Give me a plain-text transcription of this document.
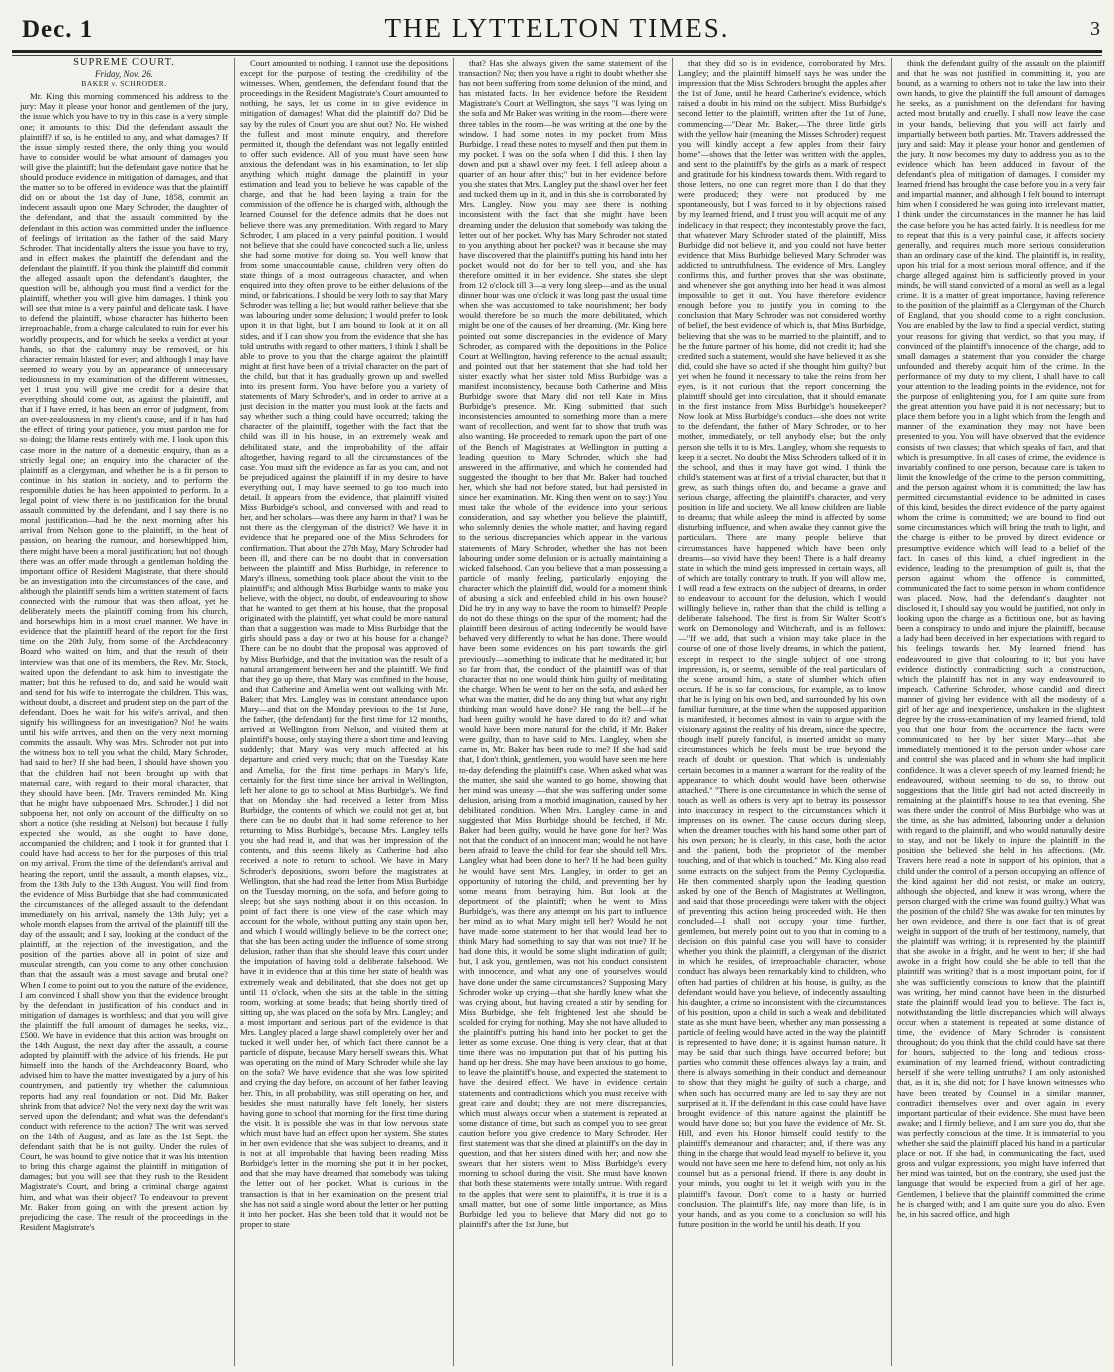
Dec. 1	THE LYTTELTON TIMES.	3
SUPREME COURT.
Friday, Nov. 26.
BAKER v. SCHRODER.

Mr. King this morning commenced his address to the jury: May it please your honor and gentlemen of the jury, the issue which you have to try in this case is a very simple one; it amounts to this: Did the defendant assault the plaintiff? if so, is he entitled to any, and what damages? If the issue simply rested there, the only thing you would have to consider would be what amount of damages you will give the plaintiff; but the defendant gave notice that he should produce evidence in mitigation of damages, and that the matter so to be offered in evidence was that the plaintiff did on or about the 1st day of June, 1858, commit an indecent assault upon one Mary Schroder, the daughter of the defendant, and that the assault committed by the defendant in this action was committed under the influence of feelings of irritation as the father of the said Mary Schroder. That incidentally alters the issue you have to try, and in effect makes the plaintiff the defendant and the defendant the plaintiff. If you think the plaintiff did commit the alleged assault upon the defendant's daughter, the question will be, although you must find a verdict for the plaintiff, whether you will give him damages. I think you will see that mine is a very painful and delicate task. I have to defend the plaintiff, whose character has hitherto been irreproachable, from a charge calculated to ruin for ever his worldly prospects, and for which he seeks a verdict at your hands, so that the calumny may be removed, or his character remain blasted for ever; and although I may have seemed to weary you by an appearance of unnecessary tediousness in my examination of the different witnesses, yet I trust you will give me credit for a desire that everything should come out, as against the plaintiff, and that if I have erred, it has been an error of judgment, from an over-zealousness in my client's cause, and if it has had the effect of tiring your patience, you must pardon me for so doing; the blame rests entirely with me. I look upon this case more in the nature of a domestic enquiry, than as a strictly legal one; an enquiry into the character of the plaintiff as a clergyman, and whether he is a fit person to continue in his station in society, and to perform the responsible duties he has been appointed to perform. In a legal point of view there is no justification for the brutal assault committed by the defendant, and I say there is no moral justification—had he the next morning after his arrival from Nelson gone to the plaintiff, in the heat of passion, on hearing the rumour, and horsewhipped him, there might have been a moral justification; but no! though there was an offer made through a gentleman holding the important office of Resident Magistrate, that there should be an investigation into the circumstances of the case, and although the plaintiff sends him a written statement of facts connected with the rumour that was then afloat, yet he deliberately meets the plaintiff coming from his church, and horsewhips him in a most cruel manner. We have in evidence that the plaintiff heard of the report for the first time on the 20th July, from some of the Archdeaconry Board who waited on him, and that the result of their interview was that one of its members, the Rev. Mr. Stock, waited upon the defendant to ask him to investigate the matter; but this he refused to do, and said he would wait and send for his wife to interrogate the children. This was, without doubt, a discreet and prudent step on the part of the defendant. Does he wait for his wife's arrival, and then signify his willingness for an investigation? No! he waits until his wife arrives, and then on the very next morning commits the assault. Why was Mrs. Schroder not put into the witness box to tell you what the child, Mary Schroder, had said to her? If she had been, I should have shown you that the children had not been brought up with that maternal care, with regard to their moral character, that they should have been. [Mr. Travers reminded Mr. King that he might have subpoenaed Mrs. Schroder.] I did not subpoena her, not only on account of the difficulty on so short a notice (she residing at Nelson) but because I fully expected she would, as she ought to have done, accompanied the children; and I took it for granted that I could have had access to her for the purposes of this trial on my arrival. From the time of the defendant's arrival and hearing the report, until the assault, a month elapses, viz., from the 13th July to the 13th August. You will find from the evidence of Miss Burbidge that she had communicated the circumstances of the alleged assault to the defendant immediately on his arrival, namely the 13th July; yet a whole month elapses from the arrival of the plaintiff till the day of the assault; and I say, looking at the conduct of the plaintiff, at the rejection of the investigation, and the position of the parties above all in point of size and muscular strength, can you come to any other conclusion than that the assault was a most savage and brutal one? When I come to point out to you the nature of the evidence, I am convinced I shall show you that the evidence brought by the defendant in justification of his conduct and in mitigation of damages is worthless; and that you will give the plaintiff the full amount of damages he seeks, viz., £500. We have in evidence that this action was brought on the 14th August, the next day after the assault, a course adopted by plaintiff with the advice of his friends. He put himself into the hands of the Archdeaconry Board, who advised him to have the matter investigated by a jury of his countrymen, and patiently try whether the calumnious reports had any real foundation or not. Did Mr. Baker shrink from that advice? No! the very next day the writ was served upon the defendant; and what was the defendant's conduct with reference to the action? The writ was served on the 14th of August, and as late as the 1st Sept. the defendant saith that he is not guilty. Under the rules of Court, he was bound to give notice that it was his intention to bring this charge against the plaintiff in mitigation of damages; but you will see that they rush to the Resident Magistrate's Court, and bring a criminal charge against him, and what was their object? To endeavour to prevent Mr. Baker from going on with the present action by prejudicing the case. The result of the proceedings in the Resident Magistrate's

Court amounted to nothing. I cannot use the depositions except for the purpose of testing the credibility of the witnesses. When, gentlemen, the defendant found that the proceedings in the Resident Magistrate's Court amounted to nothing, he says, let us come in to give evidence in mitigation of damages! What did the plaintiff do? Did he say by the rules of Court you are shut out? No. He wished the fullest and most minute enquiry, and therefore permitted it, though the defendant was not legally entitled to offer such evidence. All of you must have seen how anxious the defendant was in his examination, to let slip anything which might damage the plaintiff in your estimation and lead you to believe he was capable of the charge, and that he had been laying a train for the commission of the offence he is charged with, although the learned Counsel for the defence admits that he does not believe there was any premeditation. With regard to Mary Schroder, I am placed in a very painful position. I would not believe that she could have concocted such a lie, unless she had some motive for doing so. You well know that from some unaccountable cause, children very often do state things of a most outrageous character, and when enquired into they often prove to be either delusions of the mind, or fabrications. I should be very loth to say that Mary Schroder was telling a lie; but would rather believe that she was labouring under some delusion; I would prefer to look upon it in that light, but I am bound to look at it on all sides, and if I can show you from the evidence that she has told untruths with regard to other matters, I think I shall be able to prove to you that the charge against the plaintiff might at first have been of a trivial character on the part of the child, but that it has gradually grown up and swelled into its present form. You have before you a variety of statements of Mary Schroder's, and in order to arrive at a just decision in the matter you must look at the facts and say whether such a thing could have occurred; taking the character of the plaintiff, together with the fact that the child was ill in his house, in an extremely weak and debilitated state, and the improbability of the affair altogether, having regard to all the circumstances of the case. You must sift the evidence as far as you can, and not be prejudiced against the plaintiff if in my desire to have everything out, I may have seemed to go too much into detail. It appears from the evidence, that plaintiff visited Miss Burbidge's school, and conversed with and read to her, and her scholars—was there any harm in that? I was he not there as the clergyman of the district? We have it in evidence that he prepared one of the Miss Schroders for confirmation. That about the 27th May, Mary Schroder had been ill, and there can be no doubt that in conversation between the plaintiff and Miss Burbidge, in reference to Mary's illness, something took place about the visit to the plaintiff's; and although Miss Burbidge wants to make you believe, with the object, no doubt, of endeavouring to show that he wanted to get them at his house, that the proposal originated with the plaintiff, yet what could be more natural than that a suggestion was made to Miss Burbidge that the girls should pass a day or two at his house for a change? There can be no doubt that the proposal was approved of by Miss Burbidge, and that the invitation was the result of a natural arrangement between her and the plaintiff. We find that they go up there, that Mary was confined to the house, and that Catherine and Amelia went out walking with Mr. Baker; that Mrs. Langley was in constant attendance upon Mary—and that on the Monday previous to the 1st June, the father, (the defendant) for the first time for 12 months, arrived at Wellington from Nelson, and visited them at plaintiff's house, only staying there a short time and leaving suddenly; that Mary was very much affected at his departure and cried very much; that on the Tuesday Kate and Amelia, for the first time perhaps in Mary's life, certainly for the first time since her arrival in Wellington, left her alone to go to school at Miss Burbidge's. We find that on Monday she had received a letter from Miss Burbidge, the contents of which we could not get at, but there can be no doubt that it had some reference to her returning to Miss Burbidge's, because Mrs. Langley tells you she had read it, and that was her impression of the contents, and this seems likely as Catherine had also received a note to return to school. We have in Mary Schroder's depositions, sworn before the magistrates at Wellington, that she had read the letter from Miss Burbidge on the Tuesday morning, on the sofa, and before going to sleep; but she says nothing about it on this occasion. In point of fact there is one view of the case which may account for the whole, without putting any stain upon her, and which I would willingly believe to be the correct one; that she has been acting under the influence of some strong delusion, rather than that she should leave this court under the imputation of having told a deliberate falsehood. We have it in evidence that at this time her state of health was extremely weak and debilitated, that she does not get up until 11 o'clock, when she sits at the table in the sitting room, working at some beads; that being shortly tired of sitting up, she was placed on the sofa by Mrs. Langley; and a most important and serious part of the evidence is that Mrs. Langley placed a large shawl completely over her and tucked it well under her, of which fact there cannot be a particle of dispute, because Mary herself swears this. What was operating on the mind of Mary Schroder while she lay on the sofa? We have evidence that she was low spirited and crying the day before, on account of her father leaving her. This, in all probability, was still operating on her, and besides she must naturally have felt lonely, her sisters having gone to school that morning for the first time during the visit. It is possible she was in that low nervous state which must have had an effect upon her system. She states in her own evidence that she was subject to dreams, and it is not at all improbable that having been reading Miss Burbidge's letter in the morning she put it in her pocket, and that she may have dreamed that somebody was taking the letter out of her pocket. What is curious in the transaction is that in her examination on the present trial she has not said a single word about the letter or her putting it into her pocket. Has she been told that it would not be proper to state

that? Has she always given the same statement of the transaction? No; then you have a right to doubt whether she has not been suffering from some delusion of the mind, and has mistated facts. In her evidence before the Resident Magistrate's Court at Wellington, she says "I was lying on the sofa and Mr Baker was writing in the room—there were three tables in the room—he was writing at the one by the window. I had some notes in my pocket from Miss Burbidge. I read these notes to myself and then put them in my pocket. I was on the sofa when I did this. I then lay down and put a shawl over my feet. I fell asleep about a quarter of an hour after this;" but in her evidence before you she states that Mrs. Langley put the shawl over her feet and tucked them up in it, and in this she is corroborated by Mrs. Langley. Now you may see there is nothing inconsistent with the fact that she might have been dreaming under the delusion that somebody was taking the letter out of her pocket. Why has Mary Schroder not stated to you anything about her pocket? was it because she may have discovered that the plaintiff's putting his hand into her pocket would not do for her to tell you, and she has therefore omitted it in her evidence. She states she slept from 12 o'clock till 3—a very long sleep—and as the usual dinner hour was one o'clock it was long past the usual time when she was accustomed to take nourishment; her body would therefore be so much the more debilitated, which might be one of the causes of her dreaming. (Mr. King here pointed out some discrepancies in the evidence of Mary Schroder, as compared with the depositions in the Police Court at Wellington, having reference to the actual assault; and pointed out that her statement that she had told her sister exactly what her sister told Miss Burbidge was a manifest inconsistency, because both Catherine and Miss Burbidge swore that Mary did not tell Kate in Miss Burbidge's presence. Mr. King submitted that such inconsistencies amounted to something more than a mere want of recollection, and went far to show that truth was also wanting. He proceeded to remark upon the part of one of the Bench of Magistrates at Wellington in putting a leading question to Mary Schroder, which she had answered in the affirmative, and which he contended had suggested the thought to her that Mr. Baker had touched her, which she had not before stated, but had persisted in since her examination. Mr. King then went on to say:) You must take the whole of the evidence into your serious consideration, and say whether you believe the plaintiff, who solemnly denies the whole matter, and having regard to the serious discrepancies which appear in the various statements of Mary Schroder, whether she has not been labouring under some delusion or is actually maintaining a wicked falsehood. Can you believe that a man possessing a particle of manly feeling, particularly enjoying the character which the plaintiff did, would for a moment think of abusing a sick and enfeebled child in his own house? Did he try in any way to have the room to himself? People do not do these things on the spur of the moment; had the plaintiff been desirous of acting indecently he would have behaved very differently to what he has done. There would have been some evidences on his part towards the girl previously—something to indicate that he meditated it; but so far from that, the conduct of the plaintiff was of that character that no one would think him guilty of meditating the charge. When he went to her on the sofa, and asked her what was the matter, did he do any thing but what any right thinking man would have done? He rang the bell—if he had been guilty would he have dared to do it? and what would have been more natural for the child, if Mr. Baker were guilty, than to have said to Mrs. Langley, when she came in, Mr. Baker has been rude to me? If she had said that, I don't think, gentlemen, you would have seen me here to-day defending the plaintiff's case. When asked what was the matter, she said she wanted to go home, showing that her mind was uneasy —that she was suffering under some delusion, arising from a morbid imagination, caused by her debilitated condition. When Mrs. Langley came in and suggested that Miss Burbidge should be fetched, if Mr. Baker had been guilty, would he have gone for her? Was not that the conduct of an innocent man; would he not have been afraid to leave the child for fear she should tell Mrs. Langley what had been done to her? If he had been guilty he would have sent Mrs. Langley, in order to get an opportunity of tutoring the child, and preventing her by some means from betraying him. But look at the deportment of the plaintiff; when he went to Miss Burbidge's, was there any attempt on his part to influence her mind as to what Mary might tell her? Would he not have made some statement to her that would lead her to think Mary had something to say that was not true? If he had done this, it would be some slight indication of guilt; but, I ask you, gentlemen, was not his conduct consistent with innocence, and what any one of yourselves would have done under the same circumstances? Supposing Mary Schroder woke up crying—that she hardly knew what she was crying about, but having created a stir by sending for Miss Burbidge, she felt frightened lest she should be scolded for crying for nothing. May she not have alluded to the plaintiff's putting his hand into her pocket to get the letter as some excuse. One thing is very clear, that at that time there was no imputation put that of his putting his hand up her dress. She may have been anxious to go home, to leave the plaintiff's house, and expected the statement to have the desired effect. We have in evidence certain statements and contradictions which you must receive with great care and doubt; they are not mere discrepancies, which must always occur when a statement is repeated at some distance of time, but such as compel you to see great caution before you give credence to Mary Schroder. Her first statement was that she dined at plaintiff's on the day in question, and that her sisters dined with her; and now she swears that her sisters went to Miss Burbidge's every morning to school during the visit. She must have known that both these statements were totally untrue. With regard to the apples that were sent to plaintiff's, it is true it is a small matter, but one of some little importance, as Miss Burbidge led you to believe that Mary did not go to plaintiff's after the 1st June, but

that they did so is in evidence, corroborated by Mrs. Langley; and the plaintiff himself says he was under the impression that the Miss Schroders brought the apples after the 1st of June, until he heard Catherine's evidence, which raised a doubt in his mind on the subject. Miss Burbidge's second letter to the plaintiff, written after the 1st of June, commencing—"Dear Mr. Baker,—The three little girls with the yellow hair (meaning the Misses Schroder) request you will kindly accept a few apples from their fairy home"—shows that the letter was written with the apples, and sent to the plaintiff's by the girls as a mark of respect and gratitude for his kindness towards them. With regard to those letters, no one can regret more than I do that they were produced; they were not produced by me spontaneously, but I was forced to it by objections raised by my learned friend, and I trust you will acquit me of any indelicacy in that respect; they incontestably prove the fact, that whatever Mary Schroder stated of the plaintiff, Miss Burbidge did not believe it, and you could not have better evidence that Miss Burbidge believed Mary Schroder was addicted to untruthfulness. The evidence of Mrs. Langley confirms this, and further proves that she was obstinate, and whenever she got anything into her head it was almost impossible to get it out. You have therefore evidence enough before you to justify you in coming to the conclusion that Mary Schroder was not considered worthy of belief, the best evidence of which is, that Miss Burbidge, believing that she was to be married to the plaintiff, and to be the future partner of his home, did not credit it; had she credited such a statement, would she have believed it as she did, could she have so acted if she thought him guilty? but yet when he found it necessary to take the reins from her eyes, is it not curious that the report concerning the plaintiff should get into circulation, that it should emanate in the first instance from Miss Burbidge's housekeeper? Now look at Miss Burbidge's conduct—she does not write to the defendant, the father of Mary Schroder, or to her mother, immediately, or tell anybody else; but the only person she tells it to is Mrs. Langley, whom she requests to keep it a secret. No doubt the Miss Schroders talked of it in the school, and thus it may have got wind. I think the child's statement was at first of a trivial character, but that it grew, as such things often do, and became a grave and serious charge, affecting the plaintiff's character, and very position in life and society. We all know children are liable to dreams; that while asleep the mind is affected by some disturbing influence, and when awake they cannot give the particulars. There are many people believe that circumstances have happened which have been only dreams—so vivid have they been! There is a half dreamy state in which the mind gets impressed in certain ways, all of which are totally contrary to truth. If you will allow me, I will read a few extracts on the subject of dreams, in order to endeavour to account for the delusion, which I would willingly believe in, rather than that the child is telling a deliberate falsehood. The first is from Sir Walter Scott's work on Demonology and Witchcraft, and is as follows:—"If we add, that such a vision may take place in the course of one of those lively dreams, in which the patient, except in respect to the single subject of one strong impression, is, or seems, sensible of the real particulars of the scene around him, a state of slumber which often occurs. If he is so far conscious, for example, as to know that he is lying on his own bed, and surrounded by his own familiar furniture, at the time when the supposed apparition is manifested, it becomes almost in vain to argue with the visionary against the reality of his dream, since the spectre, though itself purely fanciful, is inserted amidst so many circumstances which he feels must be true beyond the reach of doubt or question. That which is undeniably certain becomes in a manner a warrant for the reality of the appearance to which doubt would have been otherwise attached." "There is one circumstance in which the sense of touch as well as others is very apt to betray its possessor into inaccuracy in respect to the circumstances which it impresses on its owner. The cause occurs during sleep, when the dreamer touches with his hand some other part of his own person; he is clearly, in this case, both the actor and the patient, both the proprietor of the member touching, and of that which is touched." Mr. King also read some extracts on the subject from the Penny Cyclopædia. He then commented sharply upon the leading question asked by one of the Bench of Magistrates at Wellington, and said that those proceedings were taken with the object of preventing this action being proceeded with. He then concluded—I shall not occupy your time further, gentlemen, but merely point out to you that in coming to a decision on this painful case you will have to consider whether you think the plaintiff, a clergyman of the district in which he resides, of irreproachable character, whose conduct has always been remarkably kind to children, who often had parties of children at his house, is guilty, as the defendant would have you believe, of indecently assaulting his daughter, a crime so inconsistent with the circumstances of his position, upon a child in such a weak and debilitated state as she must have been, whether any man possessing a particle of feeling would have acted in the way the plaintiff is represented to have done; it is against human nature. It may be said that such things have occurred before; but parties who commit these offences always lay a train, and there is always something in their conduct and demeanour to show that they might be guilty of such a charge, and when such has occurred many are led to say they are not surprised at it. If the defendant in this case could have have brought evidence of this nature against the plaintiff he would have done so; but you have the evidence of Mr. St. Hill, and even his Honor himself could testify to the plaintiff's demeanour and character; and, if there was any thing in the charge that would lead myself to believe it, you would not have seen me here to defend him, not only as his counsel but as a personal friend. If there is any doubt in your minds, you ought to let it weigh with you in the plaintiff's favour. Don't come to a hasty or hurried conclusion. The plaintiff's life, nay more than life, is in your hands, and as you come to a conclusion so will his future position in the world be until his death. If you

think the defendant guilty of the assault on the plaintiff and that he was not justified in committing it, you are bound, as a warning to others not to take the law into their own hands, to give the plaintiff the full amount of damages he seeks, as a punishment on the defendant for having acted most brutally and cruelly. I shall now leave the case in your hands, believing that you will act fairly and impartially between both parties. Mr. Travers addressed the jury and said: May it please your honor and gentlemen of the jury. It now becomes my duty to address you as to the evidence which has been adduced in favour of the defendant's plea of mitigation of damages. I consider my learned friend has brought the case before you in a very fair and impartial manner, and although I felt bound to interrupt him when I considered he was going into irrelevant matter, I think under the circumstances in the manner he has laid the case before you he has acted fairly. It is needless for me to repeat that this is a very painful case, it affects society generally, and requires much more serious consideration than an ordinary case of the kind. The plaintiff is, in reality, upon his trial for a most serious moral offence, and if the charge alleged against him is sufficiently proved in your minds, he will stand convicted of a moral as well as a legal crime. It is a matter of great importance, having reference to the position of the plaintiff as a Clergyman of the Church of England, that you should come to a right conclusion. You are enabled by the law to find a special verdict, stating your reasons for giving that verdict, so that you may, if convinced of the plaintiff's innocence of the charge, add to small damages a statement that you consider the charge unfounded and thereby acquit him of the crime. In the performance of my duty to my client, I shall have to call your attention to the leading points in the evidence, not for the purpose of enlightening you, for I am quite sure from the great attention you have paid it is not necessary; but to place them before you in a light which from the length and manner of the examination they may not have been presented to you. You will have observed that the evidence consists of two classes; that which speaks of fact, and that which is presumptive. In all cases of crime, the evidence is invariably confined to one person, because care is taken to limit the knowledge of the crime to the person committing, and the person against whom it is committed; the law has permitted circumstantial evidence to be admitted in cases of this kind, besides the direct evidence of the party against whom the crime is committed; we are bound to find out some circumstances which will bring the truth to light, and the charge is either to be proved by direct evidence or presumptive evidence which will lead to a belief of the fact. In cases of this kind, a chief ingredient in the evidence, leading to the presumption of guilt is, that the person against whom the offence is committed, communicated the fact to some person in whom confidence was placed. Now, had the defendant's daughter not disclosed it, I should say you would be justified, not only in looking upon the charge as a fictitious one, but as having been a conspiracy to undo and injure the plaintiff, because a lady had been deceived in her expectations with regard to his feelings towards her. My learned friend has endeavoured to give that colouring to it; but you have evidence distinctly contradicting such a construction, which the plaintiff has not in any way endeavoured to impeach. Catherine Schroder, whose candid and direct manner of giving her evidence with all the modesty of a girl of her age and inexperience, unshaken in the slightest degree by the cross-examination of my learned friend, told you that one hour from the occurrence the facts were communicated to her by her sister Mary—that she immediately mentioned it to the person under whose care and control she was placed and in whom she had implicit confidence. It was a clever speech of my learned friend; he endeavoured, without seeming to do so, to throw out suggestions that the little girl had not acted discreetly in remaining at the plaintiff's house to tea that evening. She was there under the control of Miss Burbidge who was at the time, as she has admitted, labouring under a delusion with regard to the plaintiff, and who would naturally desire to stay, and not be likely to injure the plaintiff in the position she believed she held in his affections. (Mr. Travers here read a note in support of his opinion, that a child under the control of a person occupying an offence of the kind against her did not resist, or make an outcry, although she objected, and knew it was wrong, where the person charged with the crime was found guilty.) What was the position of the child? She was awake for ten minutes by her own evidence, and there is one fact that is of great weight in support of the truth of her testimony, namely, that the plaintiff was writing; it is represented by the plaintiff that she awoke in a fright, and he went to her; if she had awoke in a fright how could she be able to tell that the plaintiff was writing? that is a most important point, for if she was sufficiently conscious to know that the plaintiff was writing, her mind cannot have been in the disturbed state the plaintiff would lead you to believe. The fact is, notwithstanding the little discrepancies which will always occur when a statement is repeated at some distance of time, the evidence of Mary Schroder is consistent throughout; do you think that the child could have sat there for hours, subjected to the long and tedious cross-examination of my learned friend, without contradicting herself if she were telling untruths? I am only astonished that, as it is, she did not; for I have known witnesses who have been treated by Counsel in a similar manner, contradict themselves over and over again in every important particular of their evidence. She must have been awake; and I firmly believe, and I am sure you do, that she was perfectly conscious at the time. It is immaterial to you whether she said the plaintiff placed his hand in a particular place or not. If she had, in communicating the fact, used gross and vulgar expressions, you might have inferred that her mind was tainted, but on the contrary, she used just the language that would be expected from a girl of her age. Gentlemen, I believe that the plaintiff committed the crime he is charged with; and I am quite sure you do also. Even he, in his sacred office, and high
